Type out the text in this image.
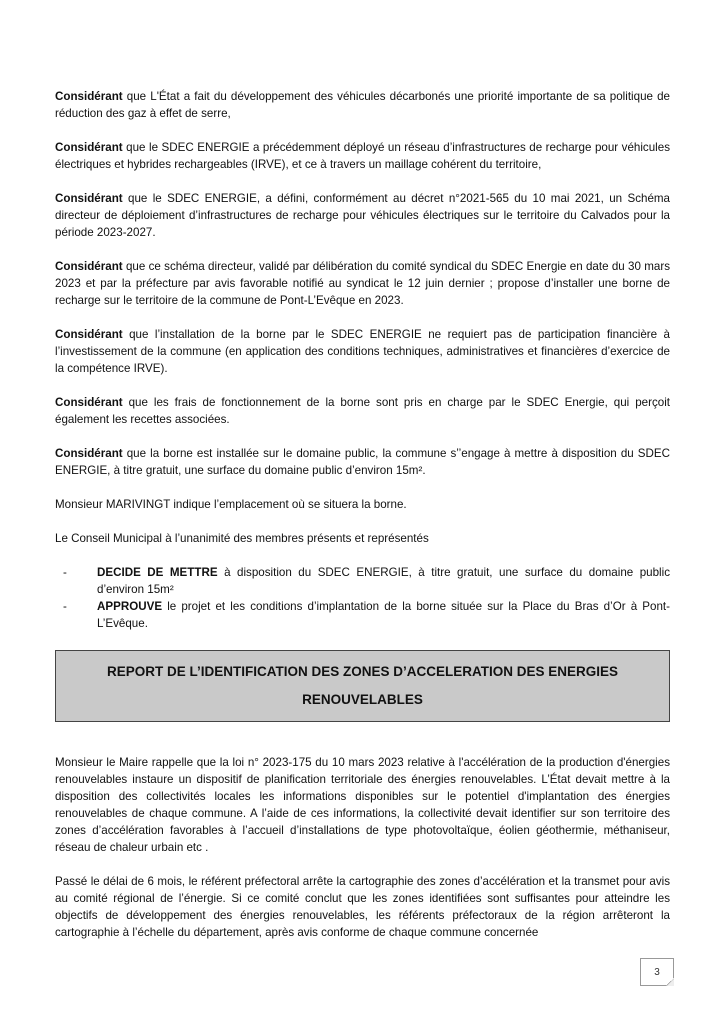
Considérant que L'État a fait du développement des véhicules décarbonés une priorité importante de sa politique de réduction des gaz à effet de serre,

Considérant que le SDEC ENERGIE a précédemment déployé un réseau d’infrastructures de recharge pour véhicules électriques et hybrides rechargeables (IRVE), et ce à travers un maillage cohérent du territoire,

Considérant que le SDEC ENERGIE, a défini, conformément au décret n°2021-565 du 10 mai 2021, un Schéma directeur de déploiement d’infrastructures de recharge pour véhicules électriques sur le territoire du Calvados pour la période 2023-2027.

Considérant que ce schéma directeur, validé par délibération du comité syndical du SDEC Energie en date du 30 mars 2023 et par la préfecture par avis favorable notifié au syndicat le 12 juin dernier ; propose d’installer une borne de recharge sur le territoire de la commune de Pont-L’Evêque en 2023.

Considérant que l’installation de la borne par le SDEC ENERGIE ne requiert pas de participation financière à l’investissement de la commune (en application des conditions techniques, administratives et financières d’exercice de la compétence IRVE).

Considérant que les frais de fonctionnement de la borne sont pris en charge par le SDEC Energie, qui perçoit également les recettes associées.

Considérant que la borne est installée sur le domaine public, la commune s’’engage à mettre à disposition du SDEC ENERGIE, à titre gratuit, une surface du domaine public d’environ 15m².

Monsieur MARIVINGT indique l’emplacement où se situera la borne.

Le Conseil Municipal à l’unanimité des membres présents et représentés

-	DECIDE DE METTRE à disposition du SDEC ENERGIE, à titre gratuit, une surface du domaine public d’environ 15m²
-	APPROUVE le projet et les conditions d’implantation de la borne située sur la Place du Bras d’Or à Pont-L’Evêque.
REPORT DE L’IDENTIFICATION DES ZONES D’ACCELERATION DES ENERGIES
RENOUVELABLES

Monsieur le Maire rappelle que la loi n° 2023-175 du 10 mars 2023 relative à l'accélération de la production d'énergies renouvelables instaure un dispositif de planification territoriale des énergies renouvelables. L’État devait mettre à la disposition des collectivités locales les informations disponibles sur le potentiel d'implantation des énergies renouvelables de chaque commune. A l’aide de ces informations, la collectivité devait identifier sur son territoire des zones d’accélération favorables à l’accueil d’installations de type photovoltaïque, éolien géothermie, méthaniseur, réseau de chaleur urbain etc .

Passé le délai de 6 mois, le référent préfectoral arrête la cartographie des zones d’accélération et la transmet pour avis au comité régional de l’énergie. Si ce comité conclut que les zones identifiées sont suffisantes pour atteindre les objectifs de développement des énergies renouvelables, les référents préfectoraux de la région arrêteront la cartographie à l’échelle du département, après avis conforme de chaque commune concernée

3
